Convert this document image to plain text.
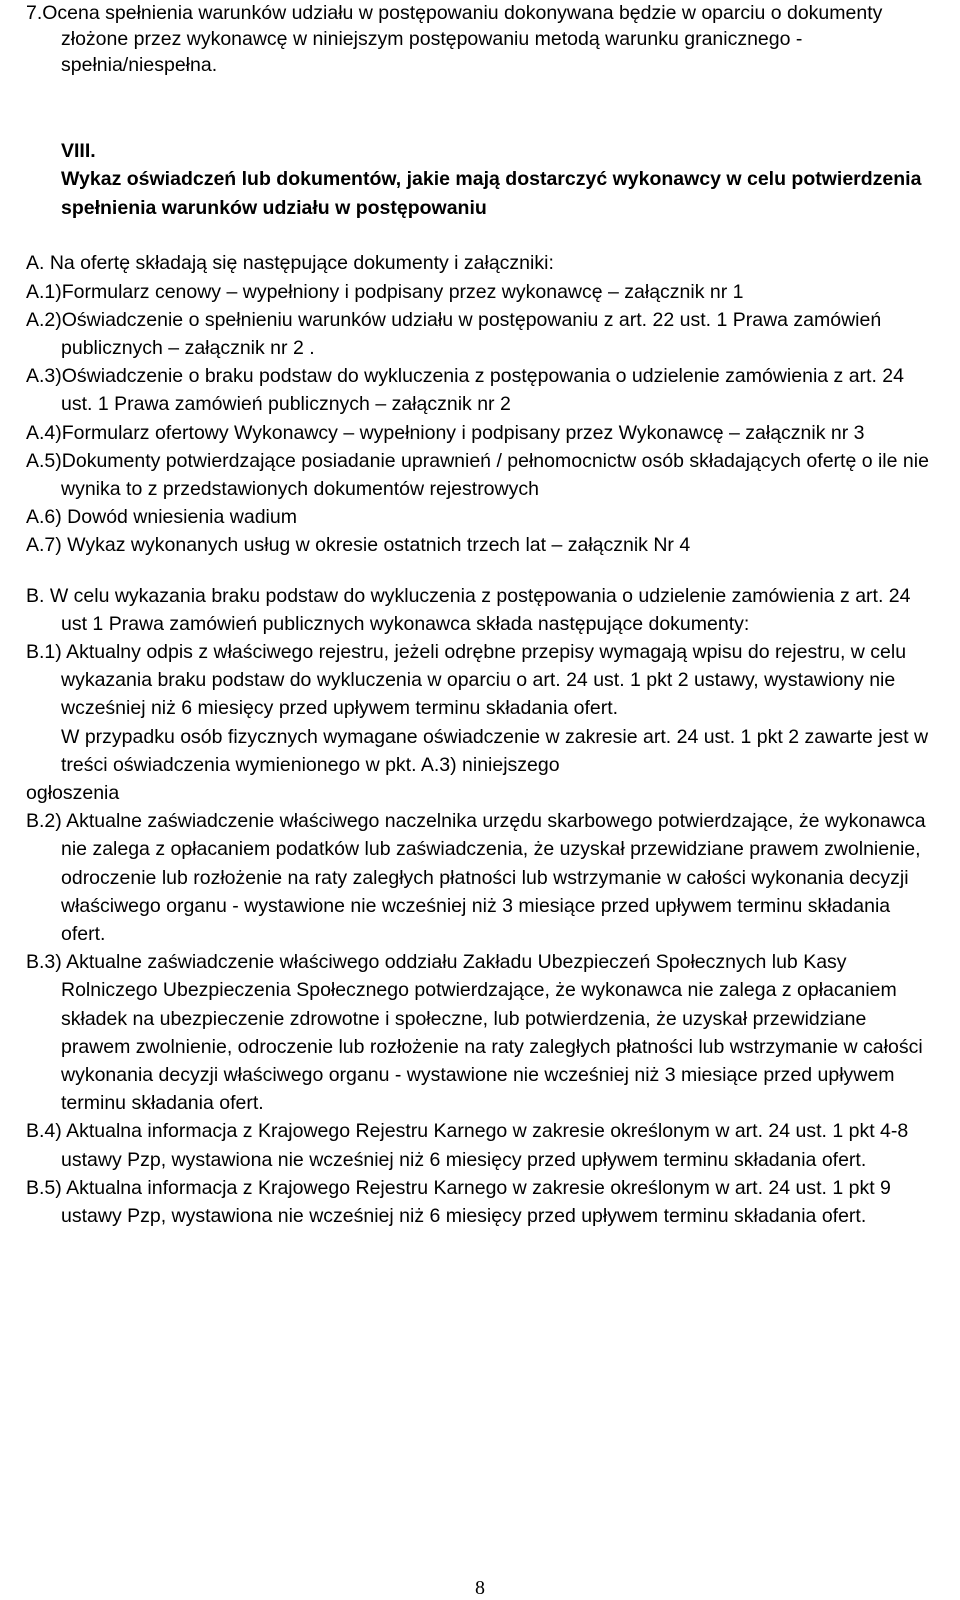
7.Ocena spełnienia warunków udziału w postępowaniu dokonywana będzie w oparciu o dokumenty złożone przez wykonawcę w niniejszym postępowaniu metodą warunku granicznego - spełnia/niespełna.

VIII.
Wykaz oświadczeń lub dokumentów, jakie mają dostarczyć wykonawcy w celu potwierdzenia spełnienia warunków udziału w postępowaniu

A. Na ofertę składają się następujące dokumenty i załączniki:

A.1)Formularz cenowy – wypełniony i podpisany przez wykonawcę – załącznik nr 1

A.2)Oświadczenie o spełnieniu warunków udziału w postępowaniu z art. 22 ust. 1 Prawa zamówień publicznych – załącznik nr 2 .

A.3)Oświadczenie o braku podstaw do wykluczenia z postępowania o udzielenie zamówienia z art. 24 ust. 1 Prawa zamówień publicznych – załącznik nr 2

A.4)Formularz ofertowy Wykonawcy – wypełniony i podpisany przez Wykonawcę – załącznik nr 3

A.5)Dokumenty potwierdzające posiadanie uprawnień / pełnomocnictw osób składających ofertę o ile nie wynika to z przedstawionych dokumentów rejestrowych

A.6) Dowód wniesienia wadium

A.7) Wykaz wykonanych usług w okresie ostatnich trzech lat – załącznik Nr 4

B. W celu wykazania braku podstaw do wykluczenia z postępowania o udzielenie zamówienia z art. 24 ust 1 Prawa zamówień publicznych wykonawca składa następujące dokumenty:

B.1) Aktualny odpis z właściwego rejestru, jeżeli odrębne przepisy wymagają wpisu do rejestru, w celu wykazania braku podstaw do wykluczenia w oparciu o art. 24 ust. 1 pkt 2 ustawy, wystawiony nie wcześniej niż 6 miesięcy przed upływem terminu składania ofert.

W przypadku osób fizycznych wymagane oświadczenie w zakresie art. 24 ust. 1 pkt 2 zawarte jest w treści oświadczenia wymienionego w pkt. A.3) niniejszego

ogłoszenia

B.2) Aktualne zaświadczenie właściwego naczelnika urzędu skarbowego potwierdzające, że wykonawca nie zalega z opłacaniem podatków lub zaświadczenia, że uzyskał przewidziane prawem zwolnienie, odroczenie lub rozłożenie na raty zaległych płatności lub wstrzymanie w całości wykonania decyzji właściwego organu - wystawione nie wcześniej niż 3 miesiące przed upływem terminu składania ofert.

B.3) Aktualne zaświadczenie właściwego oddziału Zakładu Ubezpieczeń Społecznych lub Kasy Rolniczego Ubezpieczenia Społecznego potwierdzające, że wykonawca nie zalega z opłacaniem składek na ubezpieczenie zdrowotne i społeczne, lub potwierdzenia, że uzyskał przewidziane prawem zwolnienie, odroczenie lub rozłożenie na raty zaległych płatności lub wstrzymanie w całości wykonania decyzji właściwego organu - wystawione nie wcześniej niż 3 miesiące przed upływem terminu składania ofert.

B.4) Aktualna informacja z Krajowego Rejestru Karnego w zakresie określonym w art. 24 ust. 1 pkt 4-8 ustawy Pzp, wystawiona nie wcześniej niż 6 miesięcy przed upływem terminu składania ofert.

B.5) Aktualna informacja z Krajowego Rejestru Karnego w zakresie określonym w art. 24 ust. 1 pkt 9 ustawy Pzp, wystawiona nie wcześniej niż 6 miesięcy przed upływem terminu składania ofert.

8
